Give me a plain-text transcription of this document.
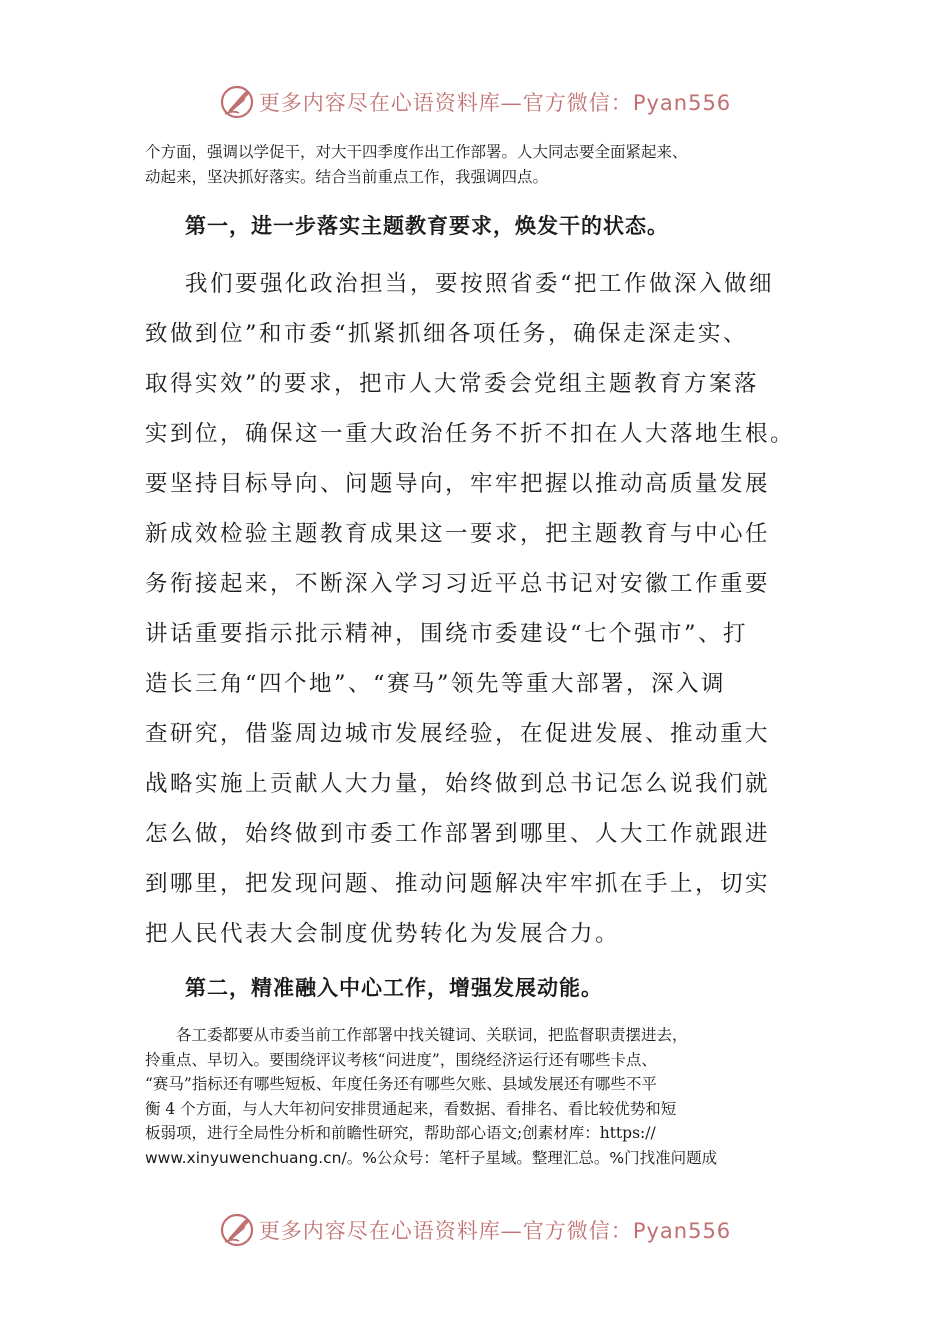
更多内容尽在心语资料库—官方微信：Pyan556

个方面，强调以学促干，对大干四季度作出工作部署。人大同志要全面紧起来、
动起来，坚决抓好落实。结合当前重点工作，我强调四点。

第一，进一步落实主题教育要求，焕发干的状态。

我们要强化政治担当，要按照省委“把工作做深入做细
致做到位”和市委“抓紧抓细各项任务，确保走深走实、
取得实效”的要求，把市人大常委会党组主题教育方案落
实到位，确保这一重大政治任务不折不扣在人大落地生根。
要坚持目标导向、问题导向，牢牢把握以推动高质量发展
新成效检验主题教育成果这一要求，把主题教育与中心任
务衔接起来，不断深入学习习近平总书记对安徽工作重要
讲话重要指示批示精神，围绕市委建设“七个强市”、打
造长三角“四个地”、“赛马”领先等重大部署，深入调
查研究，借鉴周边城市发展经验，在促进发展、推动重大
战略实施上贡献人大力量，始终做到总书记怎么说我们就
怎么做，始终做到市委工作部署到哪里、人大工作就跟进
到哪里，把发现问题、推动问题解决牢牢抓在手上，切实
把人民代表大会制度优势转化为发展合力。

第二，精准融入中心工作，增强发展动能。

各工委都要从市委当前工作部署中找关键词、关联词，把监督职责摆进去，
拎重点、早切入。要围绕评议考核“问进度”，围绕经济运行还有哪些卡点、
“赛马”指标还有哪些短板、年度任务还有哪些欠账、县域发展还有哪些不平
衡 4 个方面，与人大年初问安排贯通起来，看数据、看排名、看比较优势和短
板弱项，进行全局性分析和前瞻性研究，帮助部心语文;创素材库：https://
www.xinyuwenchuang.cn/。%公众号：笔杆子星域。整理汇总。%门找准问题成

更多内容尽在心语资料库—官方微信：Pyan556
